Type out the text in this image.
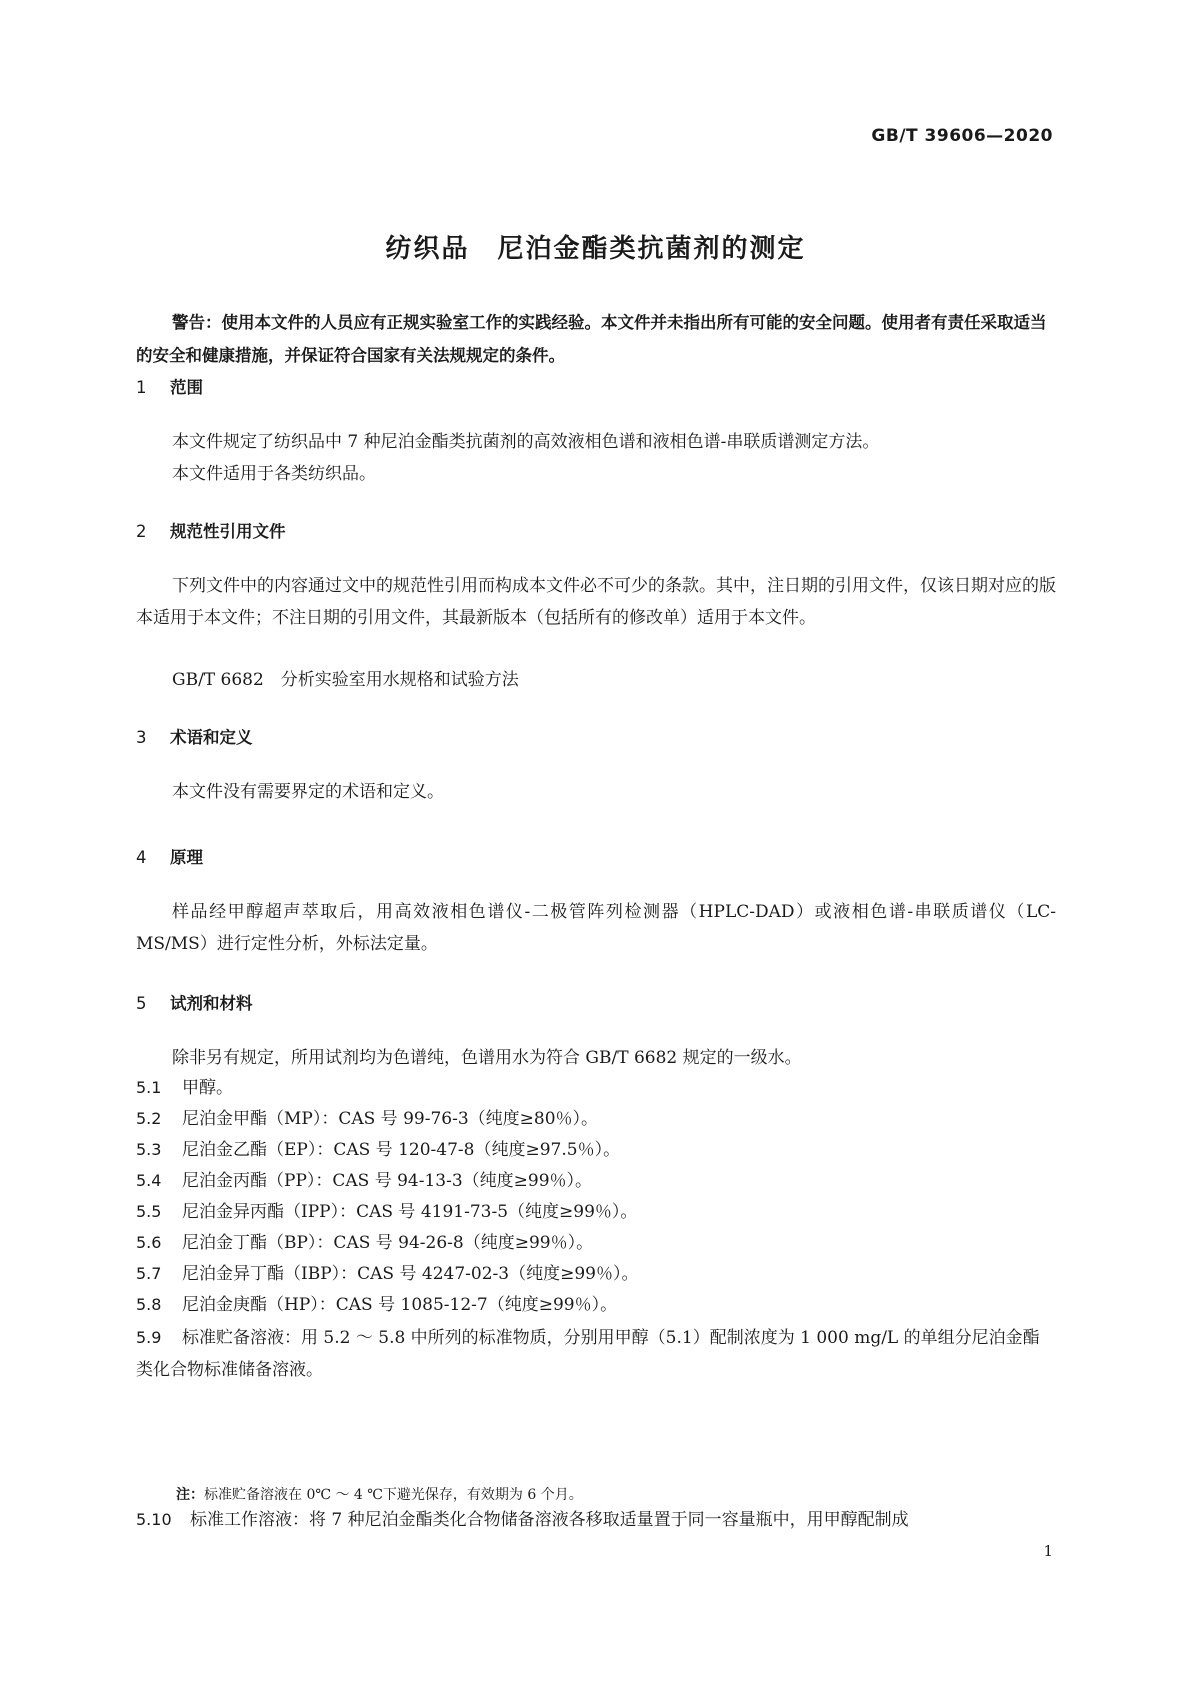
GB/T 39606—2020
纺织品　尼泊金酯类抗菌剂的测定
警告：使用本文件的人员应有正规实验室工作的实践经验。本文件并未指出所有可能的安全问题。使用者有责任采取适当的安全和健康措施，并保证符合国家有关法规规定的条件。
1 范围
本文件规定了纺织品中 7 种尼泊金酯类抗菌剂的高效液相色谱和液相色谱-串联质谱测定方法。
本文件适用于各类纺织品。
2 规范性引用文件
下列文件中的内容通过文中的规范性引用而构成本文件必不可少的条款。其中，注日期的引用文件，仅该日期对应的版本适用于本文件；不注日期的引用文件，其最新版本（包括所有的修改单）适用于本文件。
GB/T 6682　分析实验室用水规格和试验方法
3 术语和定义
本文件没有需要界定的术语和定义。
4 原理
样品经甲醇超声萃取后，用高效液相色谱仪-二极管阵列检测器（HPLC-DAD）或液相色谱-串联质谱仪（LC-MS/MS）进行定性分析，外标法定量。
5 试剂和材料
除非另有规定，所用试剂均为色谱纯，色谱用水为符合 GB/T 6682 规定的一级水。
5.1 甲醇。
5.2 尼泊金甲酯（MP）：CAS 号 99-76-3（纯度≥80％）。
5.3 尼泊金乙酯（EP）：CAS 号 120-47-8（纯度≥97.5％）。
5.4 尼泊金丙酯（PP）：CAS 号 94-13-3（纯度≥99％）。
5.5 尼泊金异丙酯（IPP）：CAS 号 4191-73-5（纯度≥99％）。
5.6 尼泊金丁酯（BP）：CAS 号 94-26-8（纯度≥99％）。
5.7 尼泊金异丁酯（IBP）：CAS 号 4247-02-3（纯度≥99％）。
5.8 尼泊金庚酯（HP）：CAS 号 1085-12-7（纯度≥99％）。
5.9 标准贮备溶液：用 5.2 ～ 5.8 中所列的标准物质，分别用甲醇（5.1）配制浓度为 1 000 mg/L 的单组分尼泊金酯类化合物标准储备溶液。
注：标准贮备溶液在 0℃ ～ 4 ℃下避光保存，有效期为 6 个月。
5.10 标准工作溶液：将 7 种尼泊金酯类化合物储备溶液各移取适量置于同一容量瓶中，用甲醇配制成
1
